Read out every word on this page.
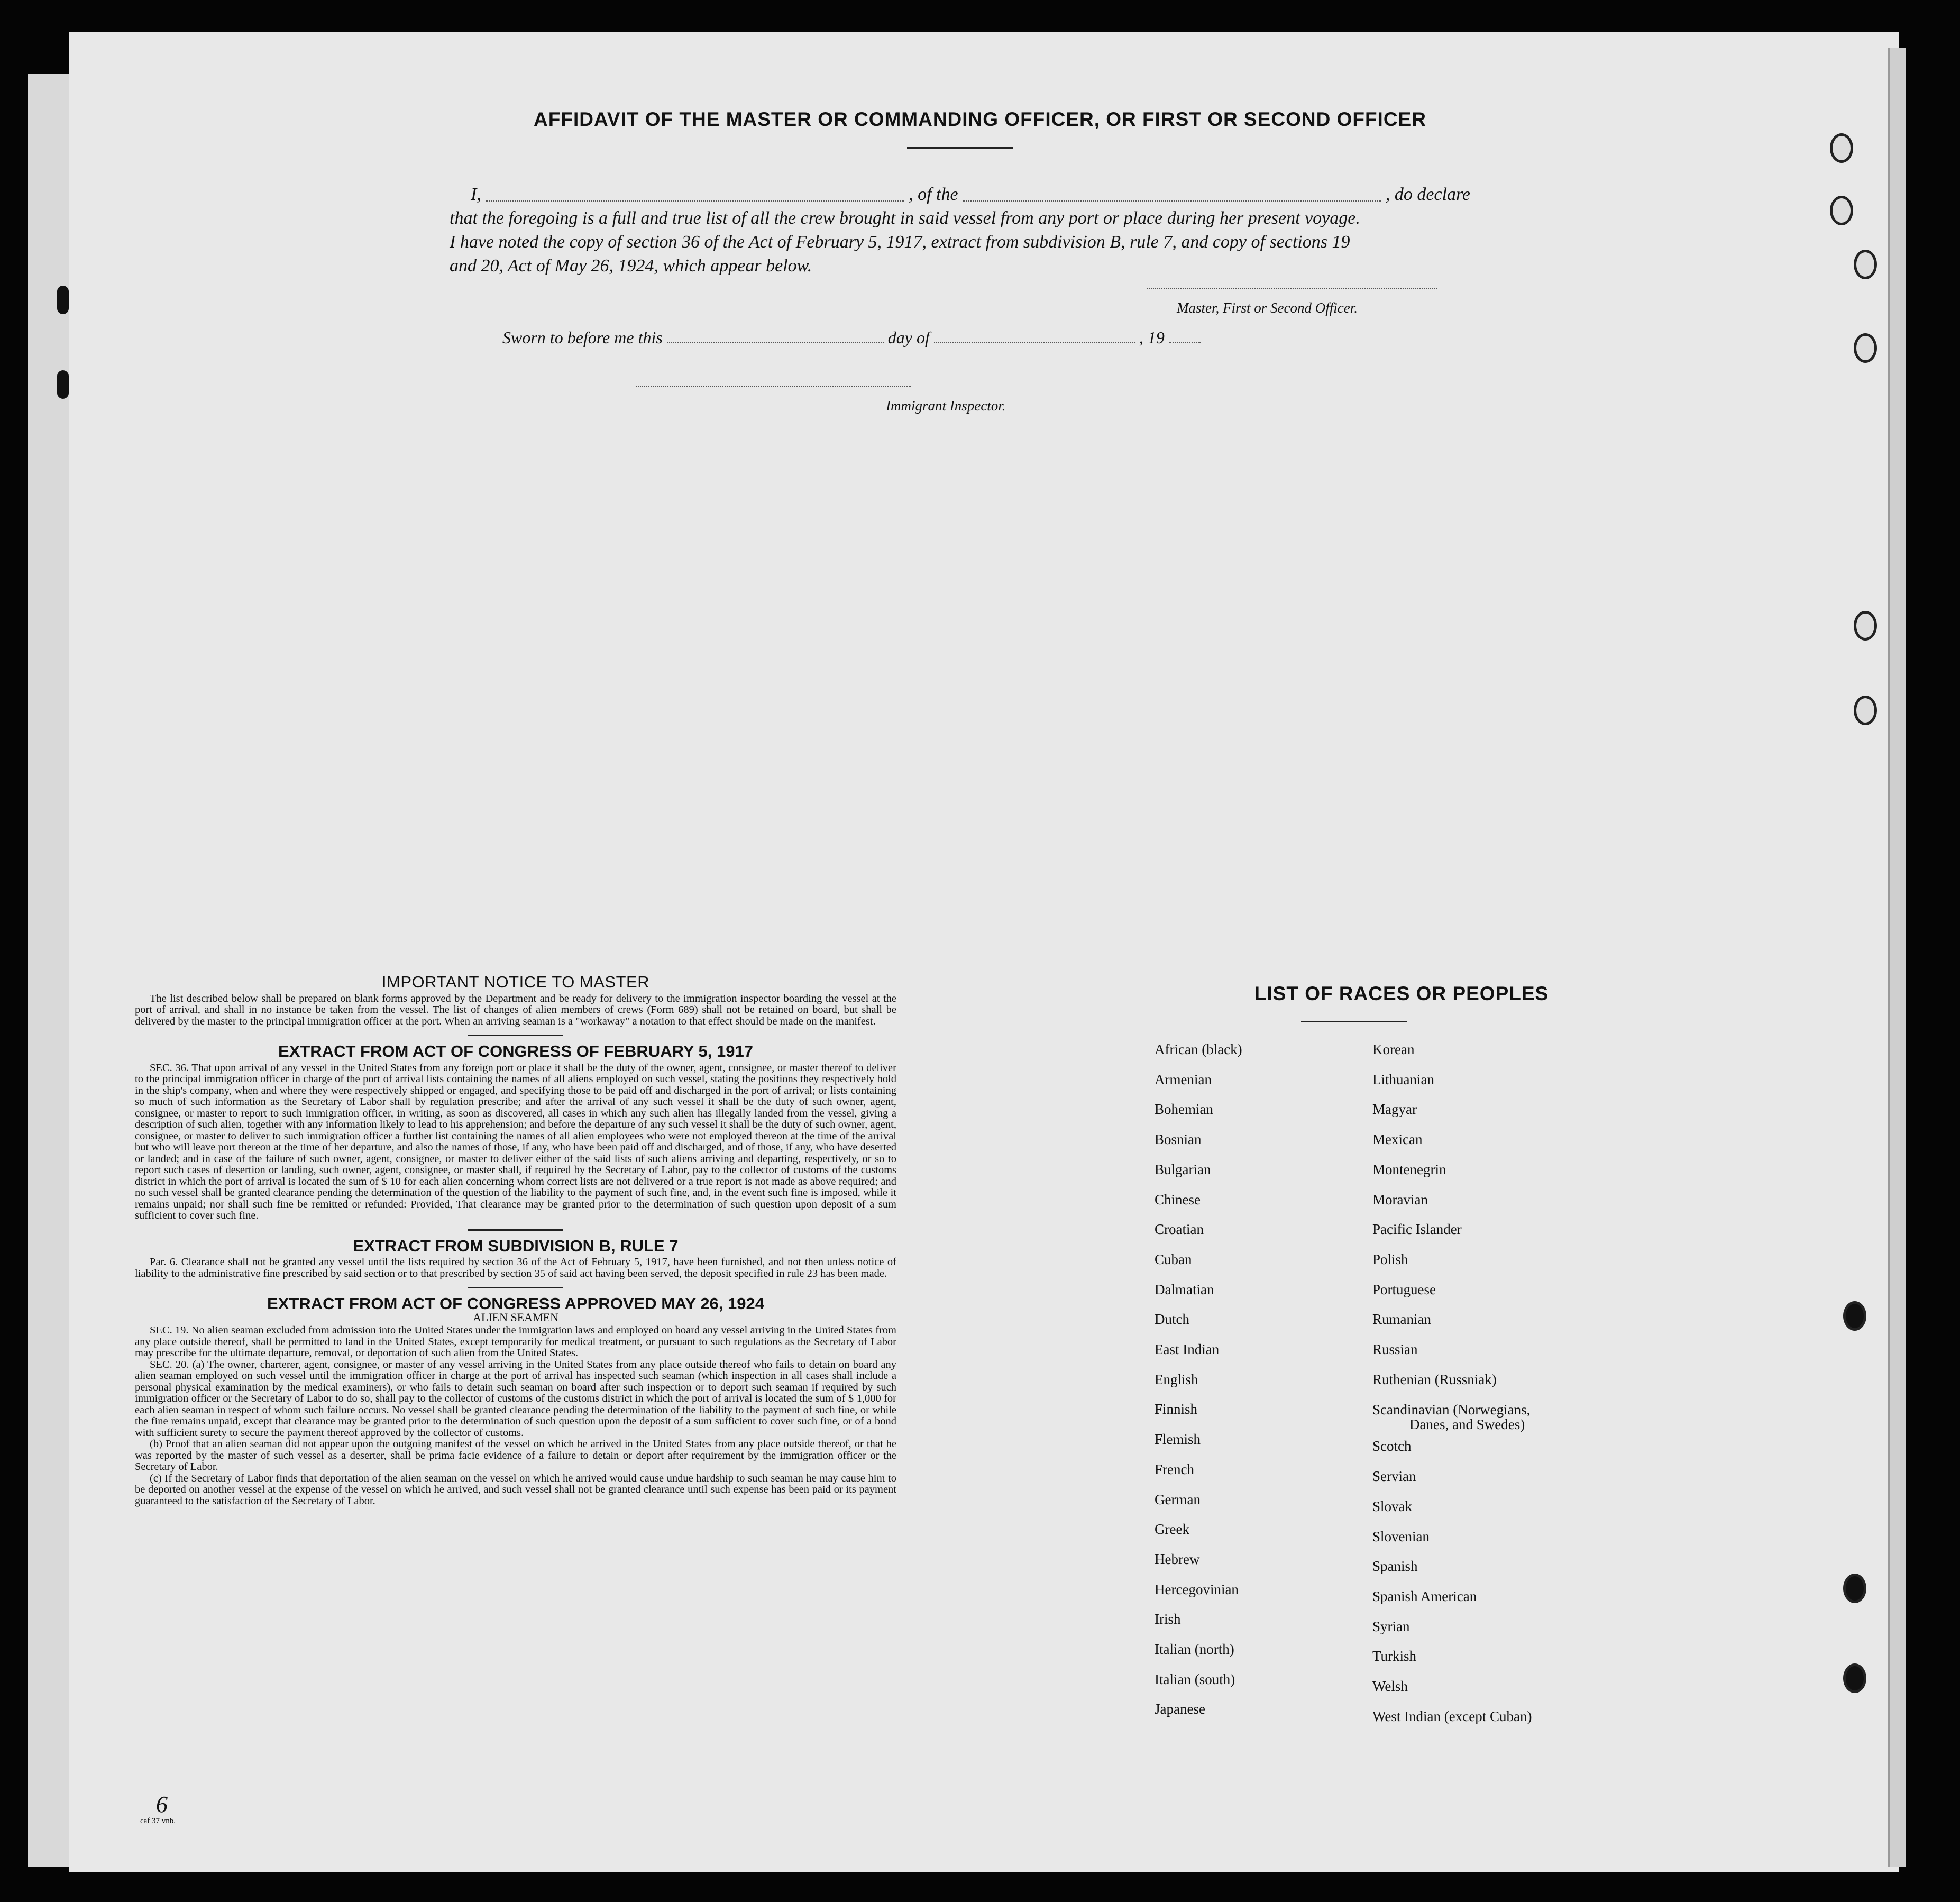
AFFIDAVIT OF THE MASTER OR COMMANDING OFFICER, OR FIRST OR SECOND OFFICER
I,	, of the	, do declare
that the foregoing is a full and true list of all the crew brought in said vessel from any port or place during her present voyage.
I have noted the copy of section 36 of the Act of February 5, 1917, extract from subdivision B, rule 7, and copy of sections 19
and 20, Act of May 26, 1924, which appear below.
Master, First or Second Officer.
Sworn to before me this	day of	, 19
Immigrant Inspector.

IMPORTANT NOTICE TO MASTER

The list described below shall be prepared on blank forms approved by the Department and be ready for delivery to the immigration inspector boarding the vessel at the port of arrival, and shall in no instance be taken from the vessel. The list of changes of alien members of crews (Form 689) shall not be retained on board, but shall be delivered by the master to the principal immigration officer at the port. When an arriving seaman is a "workaway" a notation to that effect should be made on the manifest.

EXTRACT FROM ACT OF CONGRESS OF FEBRUARY 5, 1917

SEC. 36. That upon arrival of any vessel in the United States from any foreign port or place it shall be the duty of the owner, agent, consignee, or master thereof to deliver to the principal immigration officer in charge of the port of arrival lists containing the names of all aliens employed on such vessel, stating the positions they respectively hold in the ship's company, when and where they were respectively shipped or engaged, and specifying those to be paid off and discharged in the port of arrival; or lists containing so much of such information as the Secretary of Labor shall by regulation prescribe; and after the arrival of any such vessel it shall be the duty of such owner, agent, consignee, or master to report to such immigration officer, in writing, as soon as discovered, all cases in which any such alien has illegally landed from the vessel, giving a description of such alien, together with any information likely to lead to his apprehension; and before the departure of any such vessel it shall be the duty of such owner, agent, consignee, or master to deliver to such immigration officer a further list containing the names of all alien employees who were not employed thereon at the time of the arrival but who will leave port thereon at the time of her departure, and also the names of those, if any, who have been paid off and discharged, and of those, if any, who have deserted or landed; and in case of the failure of such owner, agent, consignee, or master to deliver either of the said lists of such aliens arriving and departing, respectively, or so to report such cases of desertion or landing, such owner, agent, consignee, or master shall, if required by the Secretary of Labor, pay to the collector of customs of the customs district in which the port of arrival is located the sum of $ 10 for each alien concerning whom correct lists are not delivered or a true report is not made as above required; and no such vessel shall be granted clearance pending the determination of the question of the liability to the payment of such fine, and, in the event such fine is imposed, while it remains unpaid; nor shall such fine be remitted or refunded: Provided, That clearance may be granted prior to the determination of such question upon deposit of a sum sufficient to cover such fine.

EXTRACT FROM SUBDIVISION B, RULE 7

Par. 6. Clearance shall not be granted any vessel until the lists required by section 36 of the Act of February 5, 1917, have been furnished, and not then unless notice of liability to the administrative fine prescribed by said section or to that prescribed by section 35 of said act having been served, the deposit specified in rule 23 has been made.

EXTRACT FROM ACT OF CONGRESS APPROVED MAY 26, 1924

ALIEN SEAMEN

SEC. 19. No alien seaman excluded from admission into the United States under the immigration laws and employed on board any vessel arriving in the United States from any place outside thereof, shall be permitted to land in the United States, except temporarily for medical treatment, or pursuant to such regulations as the Secretary of Labor may prescribe for the ultimate departure, removal, or deportation of such alien from the United States.

SEC. 20. (a) The owner, charterer, agent, consignee, or master of any vessel arriving in the United States from any place outside thereof who fails to detain on board any alien seaman employed on such vessel until the immigration officer in charge at the port of arrival has inspected such seaman (which inspection in all cases shall include a personal physical examination by the medical examiners), or who fails to detain such seaman on board after such inspection or to deport such seaman if required by such immigration officer or the Secretary of Labor to do so, shall pay to the collector of customs of the customs district in which the port of arrival is located the sum of $ 1,000 for each alien seaman in respect of whom such failure occurs. No vessel shall be granted clearance pending the determination of the liability to the payment of such fine, or while the fine remains unpaid, except that clearance may be granted prior to the determination of such question upon the deposit of a sum sufficient to cover such fine, or of a bond with sufficient surety to secure the payment thereof approved by the collector of customs.

(b) Proof that an alien seaman did not appear upon the outgoing manifest of the vessel on which he arrived in the United States from any place outside thereof, or that he was reported by the master of such vessel as a deserter, shall be prima facie evidence of a failure to detain or deport after requirement by the immigration officer or the Secretary of Labor.

(c) If the Secretary of Labor finds that deportation of the alien seaman on the vessel on which he arrived would cause undue hardship to such seaman he may cause him to be deported on another vessel at the expense of the vessel on which he arrived, and such vessel shall not be granted clearance until such expense has been paid or its payment guaranteed to the satisfaction of the Secretary of Labor.

LIST OF RACES OR PEOPLES
African (black)
Armenian
Bohemian
Bosnian
Bulgarian
Chinese
Croatian
Cuban
Dalmatian
Dutch
East Indian
English
Finnish
Flemish
French
German
Greek
Hebrew
Hercegovinian
Irish
Italian (north)
Italian (south)
Japanese
Korean
Lithuanian
Magyar
Mexican
Montenegrin
Moravian
Pacific Islander
Polish
Portuguese
Rumanian
Russian
Ruthenian (Russniak)
Scandinavian (Norwegians,
Danes, and Swedes)
Scotch
Servian
Slovak
Slovenian
Spanish
Spanish American
Syrian
Turkish
Welsh
West Indian (except Cuban)
6
caf 37 vnb.
